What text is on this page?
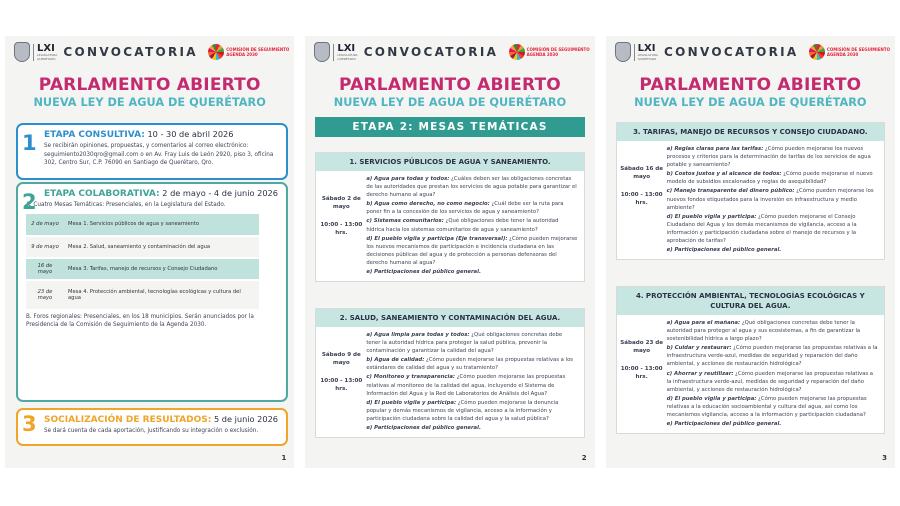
LXI
LEGISLATURA QUERÉTARO CONVOCATORIA	COMISIÓN DE SEGUIMIENTO
AGENDA 2030
PARLAMENTO ABIERTO
NUEVA LEY DE AGUA DE QUERÉTARO
1 ETAPA CONSULTIVA: 10 - 30 de abril 2026
Se recibirán opiniones, propuestas, y comentarios al correo electrónico: seguimiento2030qro@gmail.com o en Av. Fray Luis de León 2920, piso 3, oficina 302, Centro Sur, C.P. 76090 en Santiago de Querétaro, Qro.
2 ETAPA COLABORATIVA: 2 de mayo - 4 de junio 2026
A. Cuatro Mesas Temáticas: Presenciales, en la Legislatura del Estado.
2 de mayo	Mesa 1. Servicios públicos de agua y saneamiento
9 de mayo	Mesa 2. Salud, saneamiento y contaminación del agua
16 de mayo	Mesa 3. Tarifas, manejo de recursos y Consejo Ciudadano
23 de mayo	Mesa 4. Protección ambiental, tecnologías ecológicas y cultura del agua
B. Foros regionales: Presenciales, en los 18 municipios. Serán anunciados por la Presidencia de la Comisión de Seguimiento de la Agenda 2030.
3 SOCIALIZACIÓN DE RESULTADOS: 5 de junio 2026
Se dará cuenta de cada aportación, justificando su integración o exclusión.
1
LXI
LEGISLATURA QUERÉTARO CONVOCATORIA	COMISIÓN DE SEGUIMIENTO
AGENDA 2030
PARLAMENTO ABIERTO
NUEVA LEY DE AGUA DE QUERÉTARO
ETAPA 2: MESAS TEMÁTICAS
1. SERVICIOS PÚBLICOS DE AGUA Y SANEAMIENTO.
Sábado 2 de mayo
10:00 - 13:00 hrs.

a) Agua para todas y todos: ¿Cuáles deben ser las obligaciones concretas de las autoridades que prestan los servicios de agua potable para garantizar el derecho humano al agua?

b) Agua como derecho, no como negocio: ¿Cuál debe ser la ruta para poner fin a la concesión de los servicios de agua y saneamiento?

c) Sistemas comunitarios: ¿Qué obligaciones debe tener la autoridad hídrica hacia los sistemas comunitarios de agua y saneamiento?

d) El pueblo vigila y participa (Eje transversal): ¿Cómo pueden mejorarse los nuevos mecanismos de participación e incidencia ciudadana en las decisiones públicas del agua y de protección a personas defensoras del derecho humano al agua?

e) Participaciones del público general.

2. SALUD, SANEAMIENTO Y CONTAMINACIÓN DEL AGUA.
Sábado 9 de mayo
10:00 - 13:00 hrs.

a) Agua limpia para todas y todos: ¿Qué obligaciones concretas debe tener la autoridad hídrica para proteger la salud pública, prevenir la contaminación y garantizar la calidad del agua?

b) Agua de calidad: ¿Cómo pueden mejorarse las propuestas relativas a los estándares de calidad del agua y su tratamiento?

c) Monitoreo y transparencia: ¿Cómo pueden mejorarse las propuestas relativas al monitoreo de la calidad del agua, incluyendo el Sistema de Información del Agua y la Red de Laboratorios de Análisis del Agua?

d) El pueblo vigila y participa: ¿Cómo pueden mejorarse la denuncia popular y demás mecanismos de vigilancia, acceso a la información y participación ciudadana sobre la calidad del agua y la salud pública?

e) Participaciones del público general.

2
LXI
LEGISLATURA QUERÉTARO CONVOCATORIA	COMISIÓN DE SEGUIMIENTO
AGENDA 2030
PARLAMENTO ABIERTO
NUEVA LEY DE AGUA DE QUERÉTARO
3. TARIFAS, MANEJO DE RECURSOS Y CONSEJO CIUDADANO.
Sábado 16 de mayo
10:00 - 13:00 hrs.

a) Reglas claras para las tarifas: ¿Cómo pueden mejorarse los nuevos procesos y criterios para la determinación de tarifas de los servicios de agua potable y saneamiento?

b) Costos justos y al alcance de todos: ¿Cómo puede mejorarse el nuevo modelo de subsidios escalonados y reglas de asequibilidad?

c) Manejo transparente del dinero público: ¿Cómo pueden mejorarse los nuevos fondos etiquetados para la inversión en infraestructura y medio ambiente?

d) El pueblo vigila y participa: ¿Cómo pueden mejorarse el Consejo Ciudadano del Agua y los demás mecanismos de vigilancia, acceso a la información y participación ciudadana sobre el manejo de recursos y la aprobación de tarifas?

e) Participaciones del público general.

4. PROTECCIÓN AMBIENTAL, TECNOLOGÍAS ECOLÓGICAS Y CULTURA DEL AGUA.
Sábado 23 de mayo
10:00 - 13:00 hrs.

a) Agua para el mañana: ¿Qué obligaciones concretas debe tener la autoridad para proteger al agua y sus ecosistemas, a fin de garantizar la sostenibilidad hídrica a largo plazo?

b) Cuidar y restaurar: ¿Cómo pueden mejorarse las propuestas relativas a la infraestructura verde-azul, medidas de seguridad y reparación del daño ambiental, y acciones de restauración hidrológica?

c) Ahorrar y reutilizar: ¿Cómo pueden mejorarse las propuestas relativas a la infraestructura verde-azul, medidas de seguridad y reparación del daño ambiental, y acciones de restauración hidrológica?

d) El pueblo vigila y participa: ¿Cómo pueden mejorarse las propuestas relativas a la educación socioambiental y cultura del agua, así como los mecanismos vigilancia, acceso a la información y participación ciudadana?

e) Participaciones del público general.

3
